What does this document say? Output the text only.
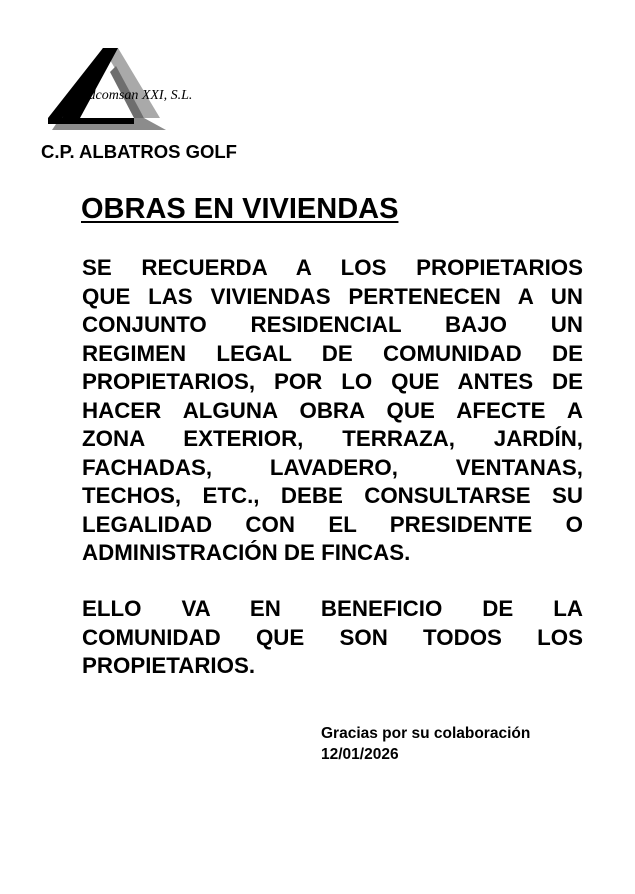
Adcomsan XXI, S.L.
C.P. ALBATROS GOLF
OBRAS EN VIVIENDAS
SE RECUERDA A LOS PROPIETARIOS
QUE LAS VIVIENDAS PERTENECEN A UN
CONJUNTO RESIDENCIAL BAJO UN
REGIMEN LEGAL DE COMUNIDAD DE
PROPIETARIOS, POR LO QUE ANTES DE
HACER ALGUNA OBRA QUE AFECTE A
ZONA EXTERIOR, TERRAZA, JARDÍN,
FACHADAS, LAVADERO, VENTANAS,
TECHOS, ETC., DEBE CONSULTARSE SU
LEGALIDAD CON EL PRESIDENTE O
ADMINISTRACIÓN DE FINCAS.
ELLO VA EN BENEFICIO DE LA
COMUNIDAD QUE SON TODOS LOS
PROPIETARIOS.
Gracias por su colaboración
12/01/2026
